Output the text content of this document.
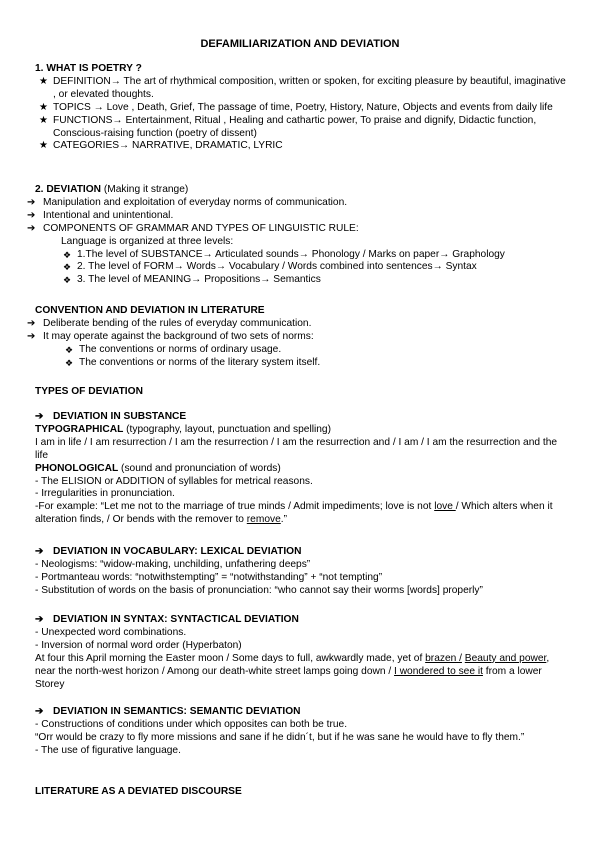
DEFAMILIARIZATION AND DEVIATION
1. WHAT IS POETRY ?
★ DEFINITION→ The art of rhythmical composition, written or spoken, for exciting pleasure by beautiful, imaginative , or elevated thoughts.
★ TOPICS → Love , Death, Grief, The passage of time, Poetry, History, Nature, Objects and events from daily life
★ FUNCTIONS→ Entertainment, Ritual , Healing and cathartic power, To praise and dignify, Didactic function, Conscious-raising function (poetry of dissent)
★ CATEGORIES→ NARRATIVE, DRAMATIC, LYRIC
2. DEVIATION (Making it strange)
➔ Manipulation and exploitation of everyday norms of communication.
➔ Intentional and unintentional.
➔ COMPONENTS OF GRAMMAR AND TYPES OF LINGUISTIC RULE:
Language is organized at three levels:
❖ 1.The level of SUBSTANCE→ Articulated sounds→ Phonology / Marks on paper→ Graphology
❖ 2. The level of FORM→ Words→ Vocabulary / Words combined into sentences→ Syntax
❖ 3. The level of MEANING→ Propositions→ Semantics
CONVENTION AND DEVIATION IN LITERATURE
➔ Deliberate bending of the rules of everyday communication.
➔ It may operate against the background of two sets of norms:
❖ The conventions or norms of ordinary usage.
❖ The conventions or norms of the literary system itself.
TYPES OF DEVIATION
➔ DEVIATION IN SUBSTANCE
TYPOGRAPHICAL (typography, layout, punctuation and spelling)
I am in life / I am resurrection / I am the resurrection / I am the resurrection and / I am / I am the resurrection and the life
PHONOLOGICAL (sound and pronunciation of words)
- The ELISION or ADDITION of syllables for metrical reasons.
- Irregularities in pronunciation.
-For example: “Let me not to the marriage of true minds / Admit impediments; love is not love / Which alters when it alteration finds, / Or bends with the remover to remove.”
➔ DEVIATION IN VOCABULARY: LEXICAL DEVIATION
- Neologisms: “widow-making, unchilding, unfathering deeps”
- Portmanteau words: “notwithstempting” = “notwithstanding” + “not tempting”
- Substitution of words on the basis of pronunciation: “who cannot say their worms [words] properly”
➔ DEVIATION IN SYNTAX: SYNTACTICAL DEVIATION
- Unexpected word combinations.
- Inversion of normal word order (Hyperbaton)
At four this April morning the Easter moon / Some days to full, awkwardly made, yet of brazen / Beauty and power, near the north-west horizon / Among our death-white street lamps going down / I wondered to see it from a lower Storey
➔ DEVIATION IN SEMANTICS: SEMANTIC DEVIATION
- Constructions of conditions under which opposites can both be true.
“Orr would be crazy to fly more missions and sane if he didn´t, but if he was sane he would have to fly them.”
- The use of figurative language.
LITERATURE AS A DEVIATED DISCOURSE
